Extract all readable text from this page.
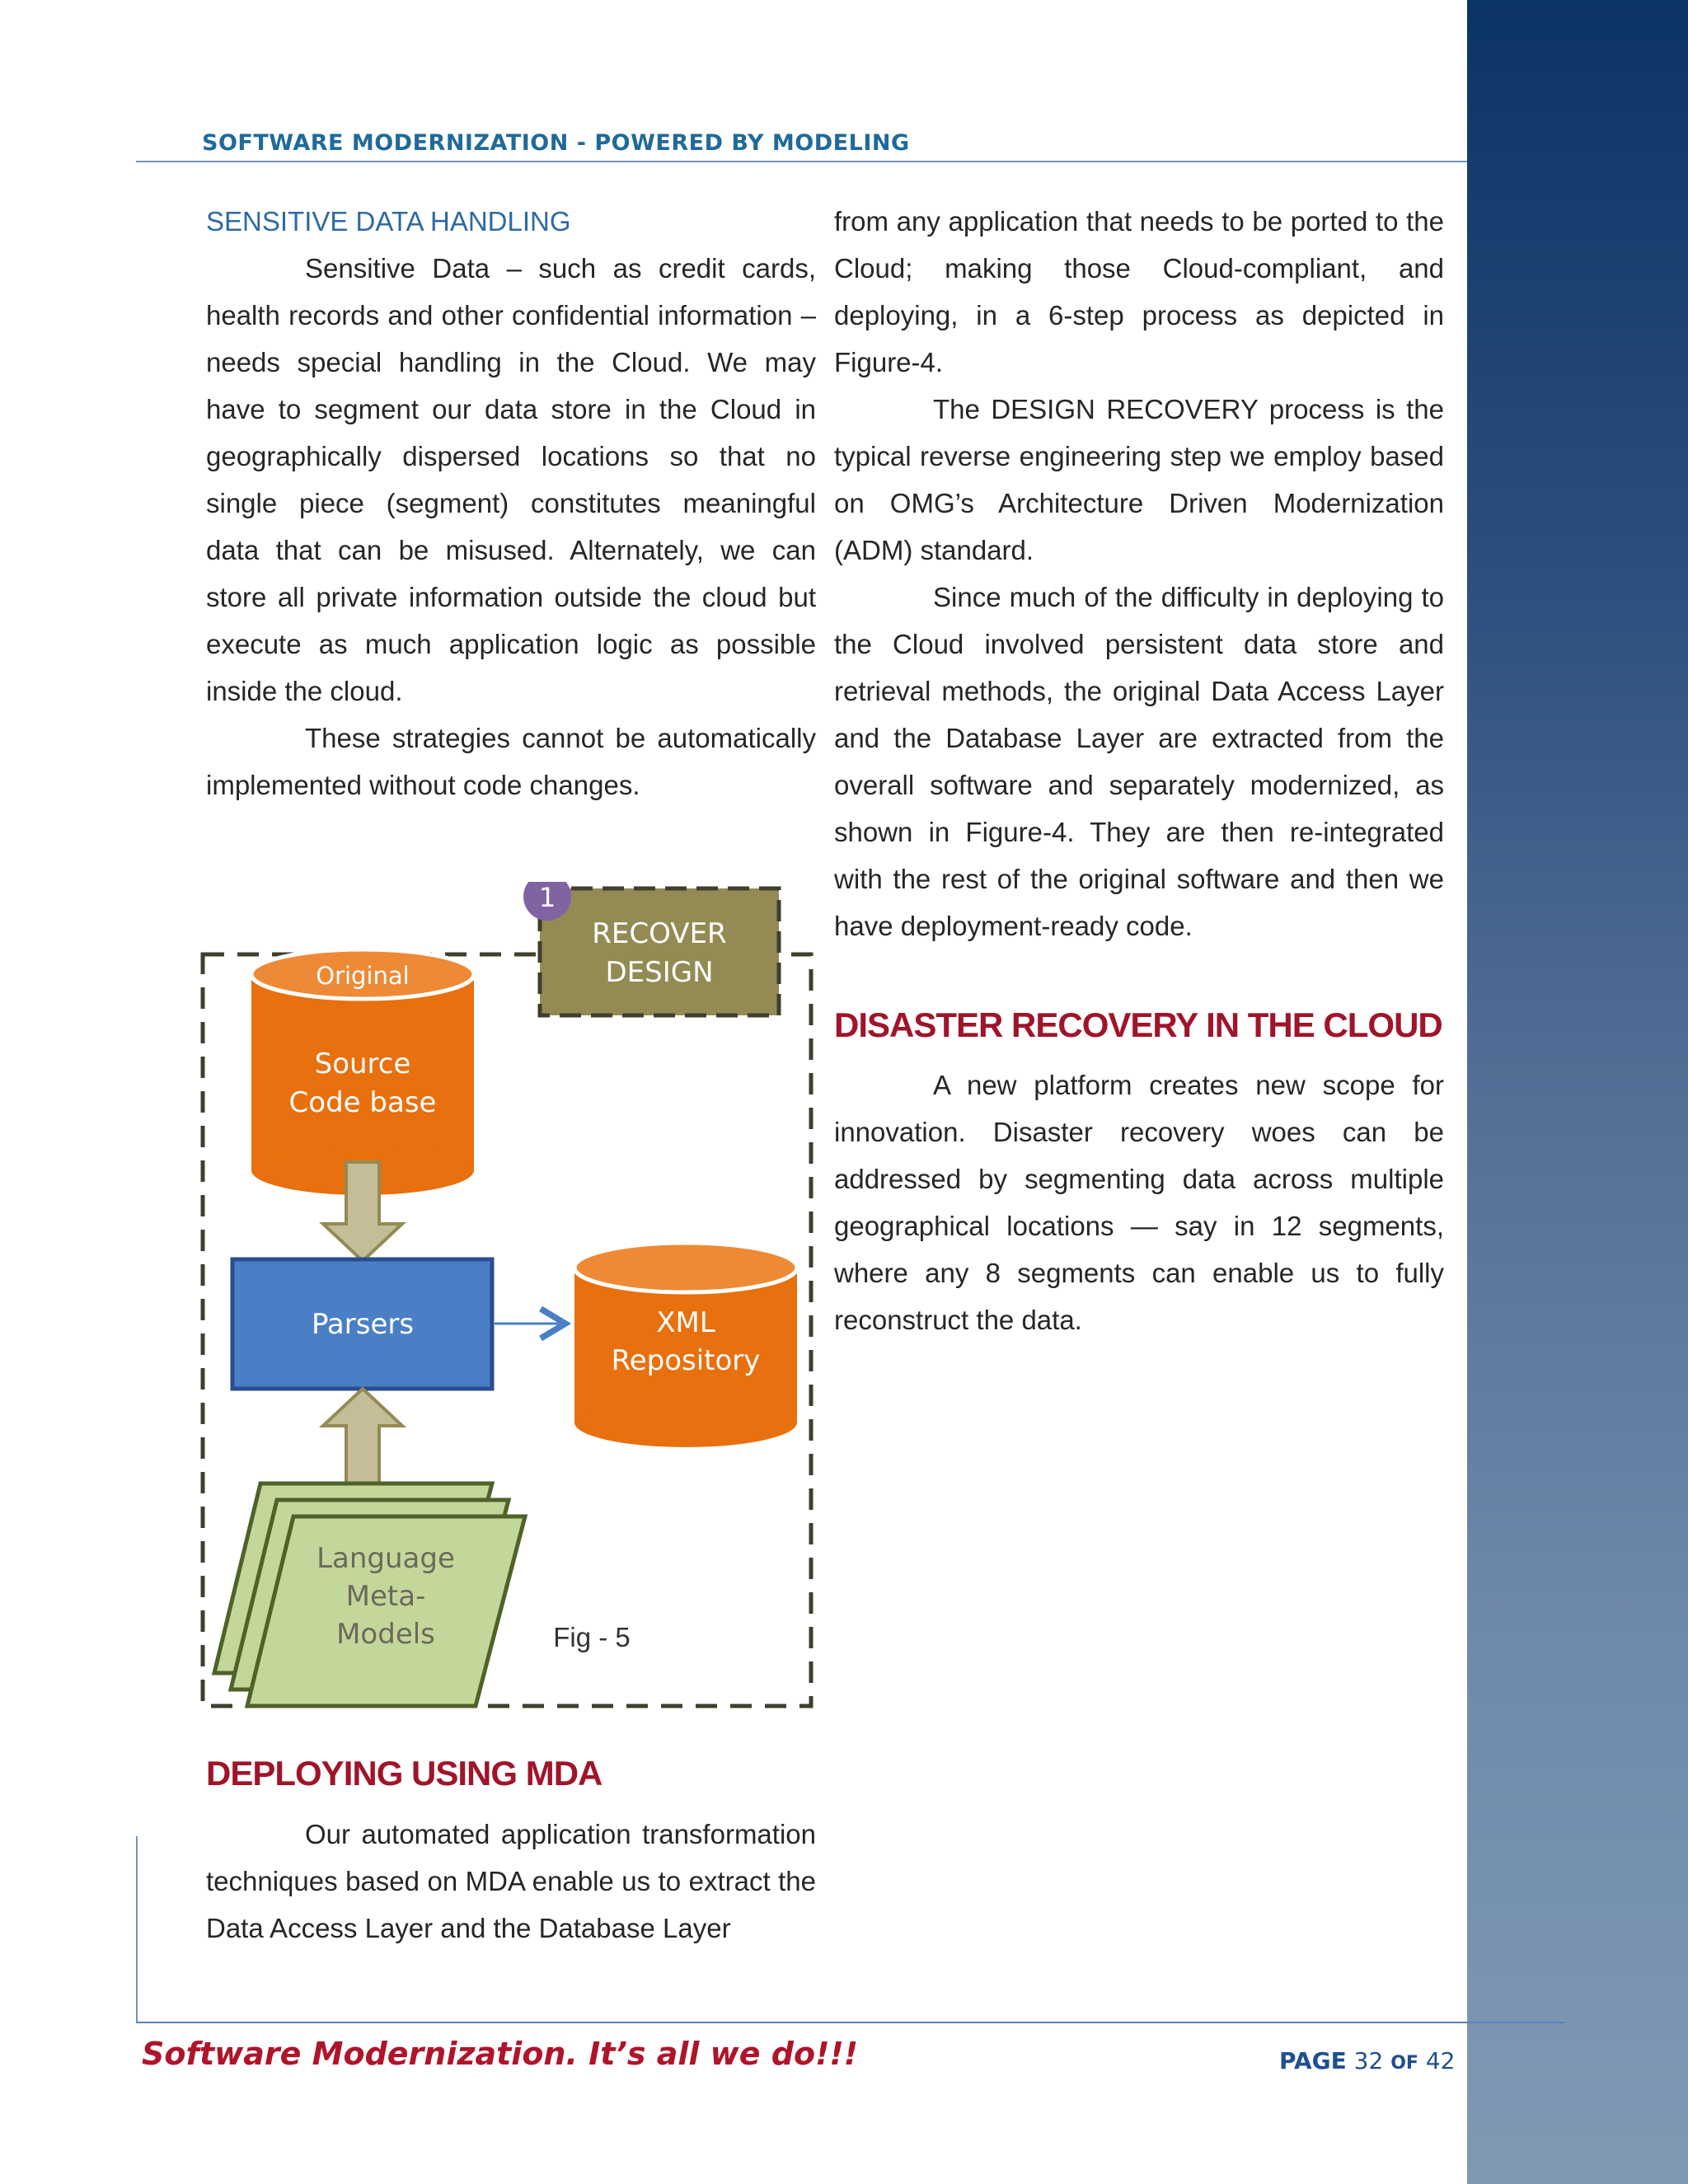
SOFTWARE MODERNIZATION - POWERED BY MODELING

SENSITIVE DATA HANDLING

Sensitive Data – such as credit cards, health records and other confidential information – needs special handling in the Cloud. We may have to segment our data store in the Cloud in geographically dispersed locations so that no single piece (segment) constitutes meaningful data that can be misused. Alternately, we can store all private information outside the cloud but execute as much application logic as possible inside the cloud.

These strategies cannot be automatically implemented without code changes.

RECOVER
DESIGN
1
Original
Source
Code base
Parsers	XML
Repository
Language
Meta-
Models	Fig - 5
DEPLOYING USING MDA

Our automated application transformation techniques based on MDA enable us to extract the Data Access Layer and the Database Layer

from any application that needs to be ported to the Cloud; making those Cloud-compliant, and deploying, in a 6-step process as depicted in Figure-4.

The DESIGN RECOVERY process is the typical reverse engineering step we employ based on OMG’s Architecture Driven Modernization (ADM) standard.

Since much of the difficulty in deploying to the Cloud involved persistent data store and retrieval methods, the original Data Access Layer and the Database Layer are extracted from the overall software and separately modernized, as shown in Figure-4. They are then re-integrated with the rest of the original software and then we have deployment-ready code.

DISASTER RECOVERY IN THE CLOUD

A new platform creates new scope for innovation. Disaster recovery woes can be addressed by segmenting data across multiple geographical locations — say in 12 segments, where any 8 segments can enable us to fully reconstruct the data.

Software Modernization. It’s all we do!!!	PAGE 32 OF 42
